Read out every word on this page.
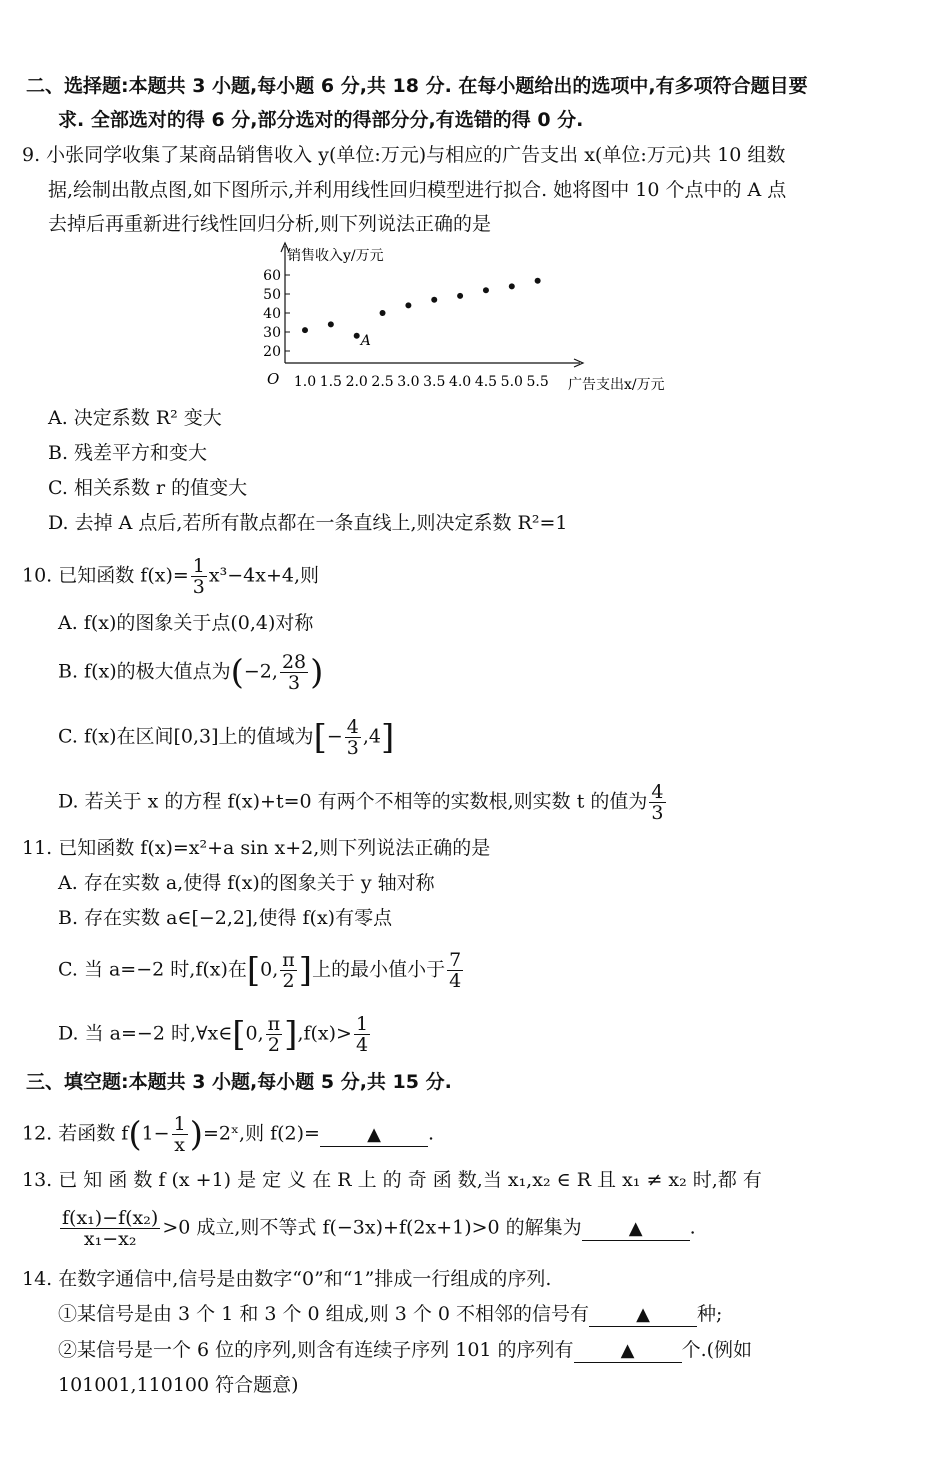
二、选择题:本题共 3 小题,每小题 6 分,共 18 分. 在每小题给出的选项中,有多项符合题目要
求. 全部选对的得 6 分,部分选对的得部分分,有选错的得 0 分.
9. 小张同学收集了某商品销售收入 y(单位:万元)与相应的广告支出 x(单位:万元)共 10 组数
据,绘制出散点图,如下图所示,并利用线性回归模型进行拟合. 她将图中 10 个点中的 A 点
去掉后再重新进行线性回归分析,则下列说法正确的是
O
销售收入y/万元
广告支出x/万元
1.0 1.5 2.0 2.5 3.0 3.5 4.0 4.5 5.0 5.5
20
30
40
50
60
A
A. 决定系数 R² 变大
B. 残差平方和变大
C. 相关系数 r 的值变大
D. 去掉 A 点后,若所有散点都在一条直线上,则决定系数 R²=1
10. 已知函数 $f(x)= \frac{1}{3} x^3-4x+4$,则
A. f(x)的图象关于点(0,4)对称
B. f(x)的极大值点为(−2, $\frac{28}{3}$ )
C. f(x)在区间[0,3]上的值域为[− $\frac{4}{3} ,4$]
D. 若关于 x 的方程 f(x)+t=0 有两个不相等的实数根,则实数 t 的值为 $\frac{4}{3}$
11. 已知函数 f(x)=x²+a sin x+2,则下列说法正确的是
A. 存在实数 a,使得 f(x)的图象关于 y 轴对称
B. 存在实数 a∈[−2,2],使得 f(x)有零点
C. 当 a=−2 时,f(x)在[0, $\frac{\pi}{2}$ ]上的最小值小于 $\frac{7}{4}$
D. 当 a=−2 时,∀x∈[0, $\frac{\pi}{2} ],f(x)> \frac{1}{4}$
三、填空题:本题共 3 小题,每小题 5 分,共 15 分.
12. 若函数 $f(1- \frac{1}{x}$ )=2ˣ,则 f(2)=	▲ .
13. 已 知 函 数 f (x +1) 是 定 义 在 R 上 的 奇 函 数,当 x₁,x₂ ∈ R 且 x₁ ≠ x₂ 时,都 有
$\frac{\text{f(x₁)−f(x₂)}}{\text{x₁−x₂}} >0$ 成立,则不等式 f(−3x)+f(2x+1)>0 的解集为	▲ .
14. 在数字通信中,信号是由数字“0”和“1”排成一行组成的序列.
①某信号是由 3 个 1 和 3 个 0 组成,则 3 个 0 不相邻的信号有	▲ 种;
②某信号是一个 6 位的序列,则含有连续子序列 101 的序列有	▲ 个.(例如
101001,110100 符合题意)
